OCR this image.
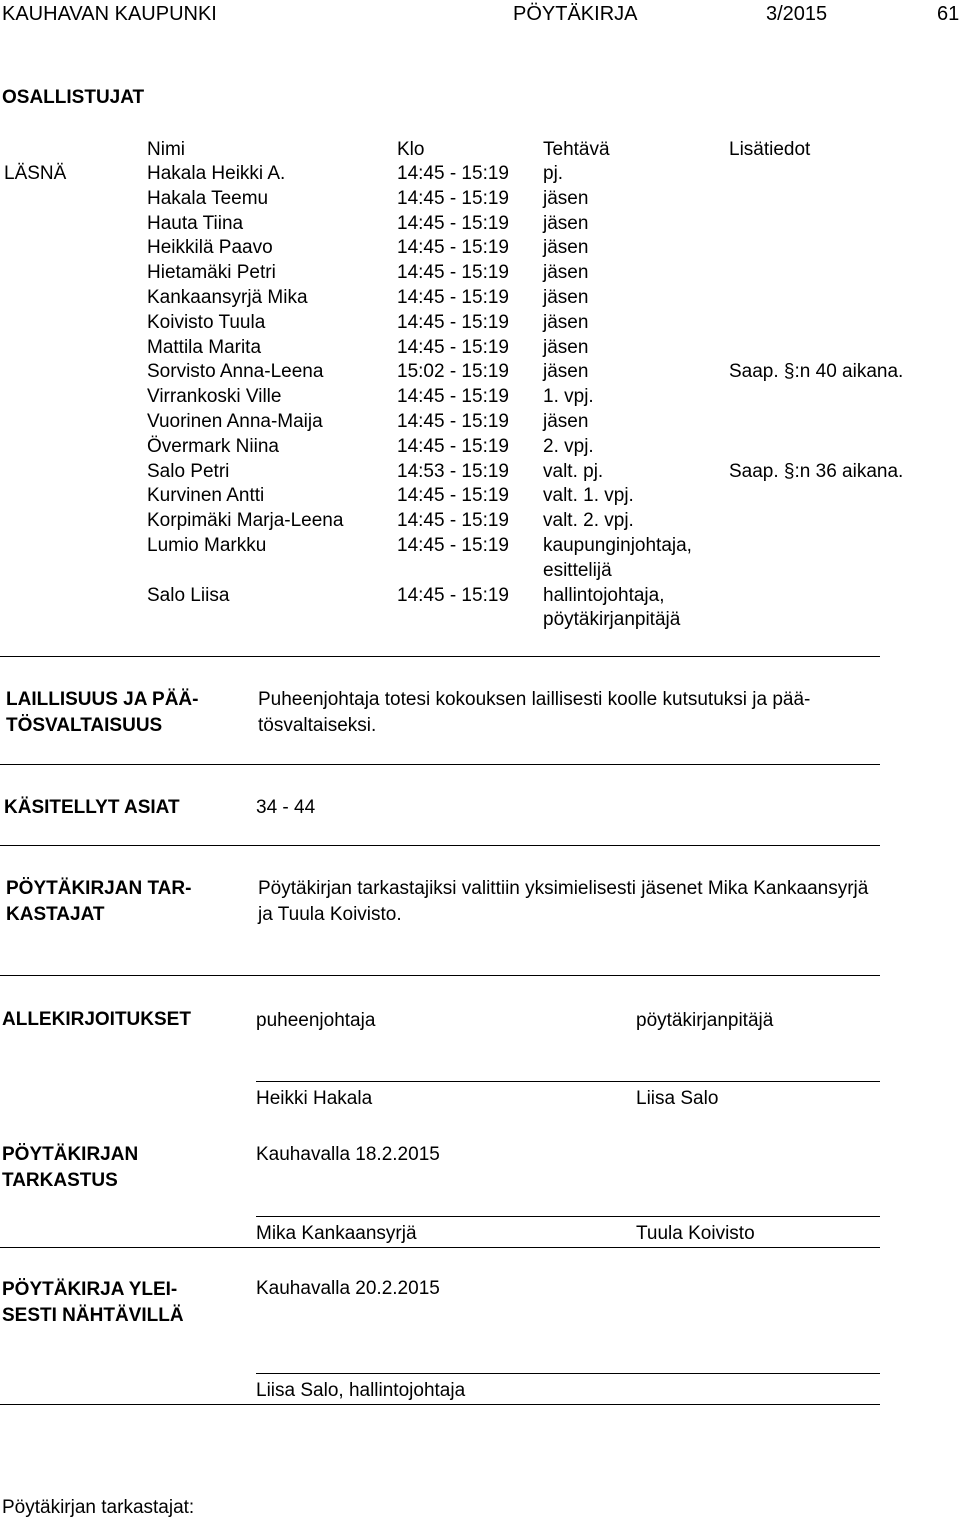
KAUHAVAN KAUPUNKI	PÖYTÄKIRJA	3/2015	61
OSALLISTUJAT
Nimi	Klo	Tehtävä	Lisätiedot
LÄSNÄ	Hakala Heikki A.	14:45 - 15:19 pj.
Hakala Teemu	14:45 - 15:19 jäsen
Hauta Tiina	14:45 - 15:19 jäsen
Heikkilä Paavo	14:45 - 15:19 jäsen
Hietamäki Petri	14:45 - 15:19 jäsen
Kankaansyrjä Mika	14:45 - 15:19 jäsen
Koivisto Tuula	14:45 - 15:19 jäsen
Mattila Marita	14:45 - 15:19 jäsen
Sorvisto Anna-Leena	15:02 - 15:19 jäsen	Saap. §:n 40 aikana.
Virrankoski Ville	14:45 - 15:19 1. vpj.
Vuorinen Anna-Maija	14:45 - 15:19 jäsen
Övermark Niina	14:45 - 15:19 2. vpj.
Salo Petri	14:53 - 15:19 valt. pj.	Saap. §:n 36 aikana.
Kurvinen Antti	14:45 - 15:19 valt. 1. vpj.
Korpimäki Marja-Leena	14:45 - 15:19 valt. 2. vpj.
Lumio Markku	14:45 - 15:19 kaupunginjohtaja,
esittelijä
Salo Liisa	14:45 - 15:19 hallintojohtaja,
pöytäkirjanpitäjä
LAILLISUUS JA PÄÄ-
TÖSVALTAISUUS
Puheenjohtaja totesi kokouksen laillisesti koolle kutsutuksi ja pää-
tösvaltaiseksi.
KÄSITELLYT ASIAT	34 - 44
PÖYTÄKIRJAN TAR-
KASTAJAT
Pöytäkirjan tarkastajiksi valittiin yksimielisesti jäsenet Mika Kankaansyrjä
ja Tuula Koivisto.
ALLEKIRJOITUKSET	puheenjohtaja	pöytäkirjanpitäjä
Heikki Hakala	Liisa Salo
PÖYTÄKIRJAN
TARKASTUS
Kauhavalla 18.2.2015
Mika Kankaansyrjä	Tuula Koivisto
PÖYTÄKIRJA YLEI-
SESTI NÄHTÄVILLÄ
Kauhavalla 20.2.2015
Liisa Salo, hallintojohtaja
Pöytäkirjan tarkastajat:
